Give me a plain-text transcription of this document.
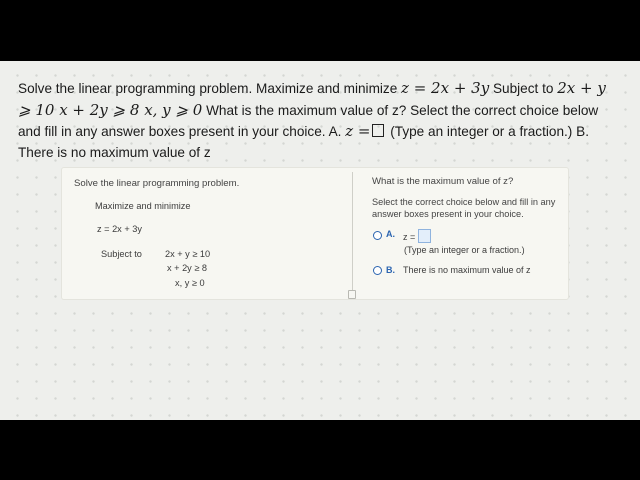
Solve the linear programming problem. Maximize and minimize z = 2x + 3y Subject to 2x + y ⩾ 10 x + 2y ⩾ 8 x, y ⩾ 0 What is the maximum value of z? Select the correct choice below and fill in any answer boxes present in your choice. A. z = (Type an integer or a fraction.) B. There is no maximum value of z
Solve the linear programming problem.
Maximize and minimize
z = 2x + 3y
Subject to	2x + y ≥ 10
x + 2y ≥ 8
x, y ≥ 0
What is the maximum value of z?
Select the correct choice below and fill in any answer boxes present in your choice.
A. z =
(Type an integer or a fraction.)
B. There is no maximum value of z
